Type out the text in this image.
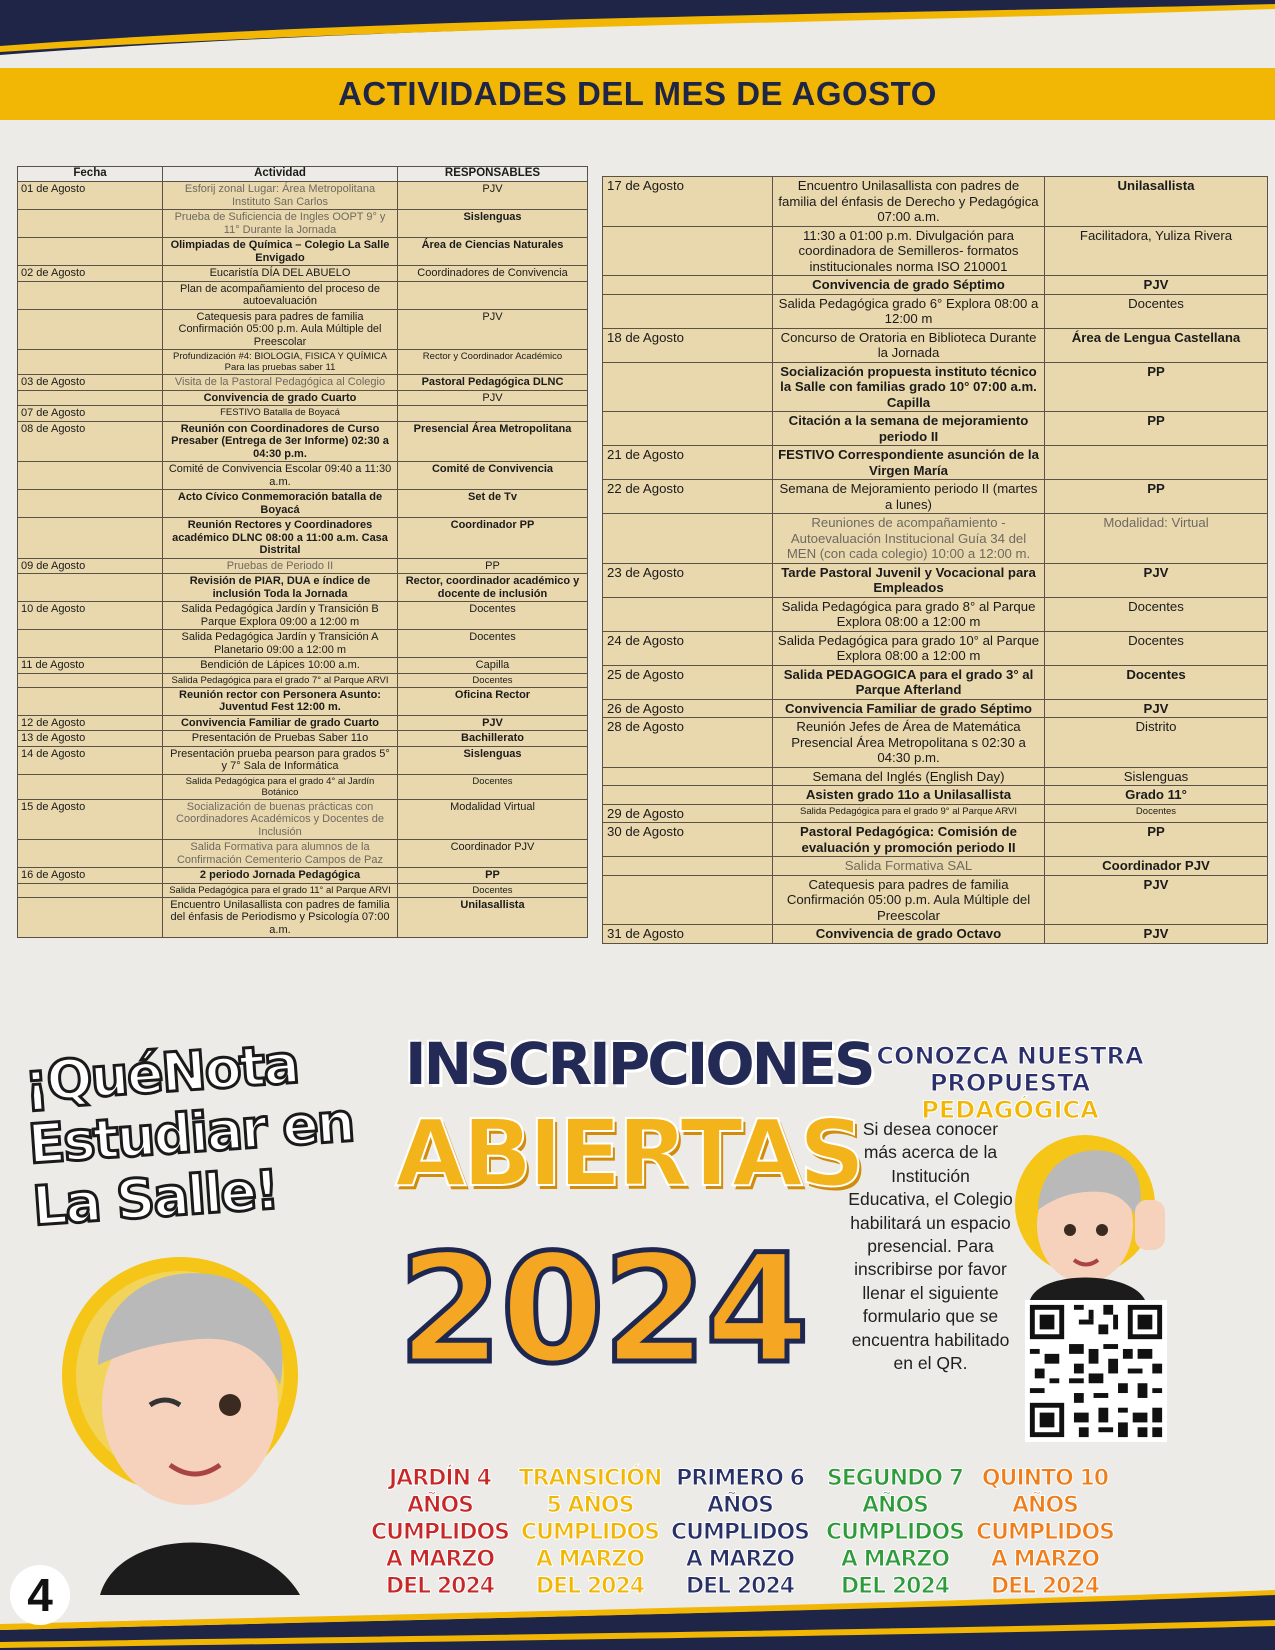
ACTIVIDADES DEL MES DE AGOSTO
Fecha	Actividad	RESPONSABLES
01 de Agosto	Esforij zonal Lugar: Área Metropolitana Instituto San Carlos	PJV
	Prueba de Suficiencia de Ingles OOPT 9° y 11° Durante la Jornada	Sislenguas
	Olimpiadas de Química – Colegio La Salle Envigado	Área de Ciencias Naturales
02 de Agosto	Eucaristía DÍA DEL ABUELO	Coordinadores de Convivencia
	Plan de acompañamiento del proceso de autoevaluación	
	Catequesis para padres de familia Confirmación 05:00 p.m. Aula Múltiple del Preescolar	PJV
	Profundización #4: BIOLOGIA, FISICA Y QUÍMICA Para las pruebas saber 11	Rector y Coordinador Académico
03 de Agosto	Visita de la Pastoral Pedagógica al Colegio	Pastoral Pedagógica DLNC
	Convivencia de grado Cuarto	PJV
07 de Agosto	FESTIVO Batalla de Boyacá	
08 de Agosto	Reunión con Coordinadores de Curso Presaber (Entrega de 3er Informe) 02:30 a 04:30 p.m.	Presencial Área Metropolitana
	Comité de Convivencia Escolar 09:40 a 11:30 a.m.	Comité de Convivencia
	Acto Cívico Conmemoración batalla de Boyacá	Set de Tv
	Reunión Rectores y Coordinadores académico DLNC 08:00 a 11:00 a.m. Casa Distrital	Coordinador PP
09 de Agosto	Pruebas de Periodo II	PP
	Revisión de PIAR, DUA e índice de inclusión Toda la Jornada	Rector, coordinador académico y docente de inclusión
10 de Agosto	Salida Pedagógica Jardín y Transición B Parque Explora 09:00 a 12:00 m	Docentes
	Salida Pedagógica Jardín y Transición A Planetario 09:00 a 12:00 m	Docentes
11 de Agosto	Bendición de Lápices 10:00 a.m.	Capilla
	Salida Pedagógica para el grado 7° al Parque ARVI	Docentes
	Reunión rector con Personera Asunto: Juventud Fest 12:00 m.	Oficina Rector
12 de Agosto	Convivencia Familiar de grado Cuarto	PJV
13 de Agosto	Presentación de Pruebas Saber 11o	Bachillerato
14 de Agosto	Presentación prueba pearson para grados 5° y 7° Sala de Informática	Sislenguas
	Salida Pedagógica para el grado 4° al Jardín Botánico	Docentes
15 de Agosto	Socialización de buenas prácticas con Coordinadores Académicos y Docentes de Inclusión	Modalidad Virtual
	Salida Formativa para alumnos de la Confirmación Cementerio Campos de Paz	Coordinador PJV
16 de Agosto	2 periodo Jornada Pedagógica	PP
	Salida Pedagógica para el grado 11° al Parque ARVI	Docentes
	Encuentro Unilasallista con padres de familia del énfasis de Periodismo y Psicología 07:00 a.m.	Unilasallista
17 de Agosto	Encuentro Unilasallista con padres de familia del énfasis de Derecho y Pedagógica 07:00 a.m.	Unilasallista
	11:30 a 01:00 p.m. Divulgación para coordinadora de Semilleros- formatos institucionales norma ISO 210001	Facilitadora, Yuliza Rivera
	Convivencia de grado Séptimo	PJV
	Salida Pedagógica grado 6° Explora 08:00 a 12:00 m	Docentes
18 de Agosto	Concurso de Oratoria en Biblioteca Durante la Jornada	Área de Lengua Castellana
	Socialización propuesta instituto técnico la Salle con familias grado 10° 07:00 a.m. Capilla	PP
	Citación a la semana de mejoramiento periodo II	PP
21 de Agosto	FESTIVO Correspondiente asunción de la Virgen María	
22 de Agosto	Semana de Mejoramiento periodo II (martes a lunes)	PP
	Reuniones de acompañamiento - Autoevaluación Institucional Guía 34 del MEN (con cada colegio) 10:00 a 12:00 m.	Modalidad: Virtual
23 de Agosto	Tarde Pastoral Juvenil y Vocacional para Empleados	PJV
	Salida Pedagógica para grado 8° al Parque Explora 08:00 a 12:00 m	Docentes
24 de Agosto	Salida Pedagógica para grado 10° al Parque Explora 08:00 a 12:00 m	Docentes
25 de Agosto	Salida PEDAGOGICA para el grado 3° al Parque Afterland	Docentes
26 de Agosto	Convivencia Familiar de grado Séptimo	PJV
28 de Agosto	Reunión Jefes de Área de Matemática Presencial Área Metropolitana s 02:30 a 04:30 p.m.	Distrito
	Semana del Inglés (English Day)	Sislenguas
	Asisten grado 11o a Unilasallista	Grado 11°
29 de Agosto	Salida Pedagógica para el grado 9° al Parque ARVI	Docentes
30 de Agosto	Pastoral Pedagógica: Comisión de evaluación y promoción periodo II	PP
	Salida Formativa SAL	Coordinador PJV
	Catequesis para padres de familia Confirmación 05:00 p.m. Aula Múltiple del Preescolar	PJV
31 de Agosto	Convivencia de grado Octavo	PJV
¡QuéNota
Estudiar en
La Salle!
INSCRIPCIONES
ABIERTAS
2024
CONOZCA NUESTRA
PROPUESTA PEDAGÓGICA
Si desea conocer más acerca de la Institución Educativa, el Colegio habilitará un espacio presencial. Para inscribirse por favor llenar el siguiente formulario que se encuentra habilitado en el QR.
JARDÍN 4 AÑOS CUMPLIDOS A MARZO DEL 2024
TRANSICIÓN 5 AÑOS CUMPLIDOS A MARZO DEL 2024
PRIMERO 6 AÑOS CUMPLIDOS A MARZO DEL 2024
SEGUNDO 7 AÑOS CUMPLIDOS A MARZO DEL 2024
QUINTO 10 AÑOS CUMPLIDOS A MARZO DEL 2024
4
